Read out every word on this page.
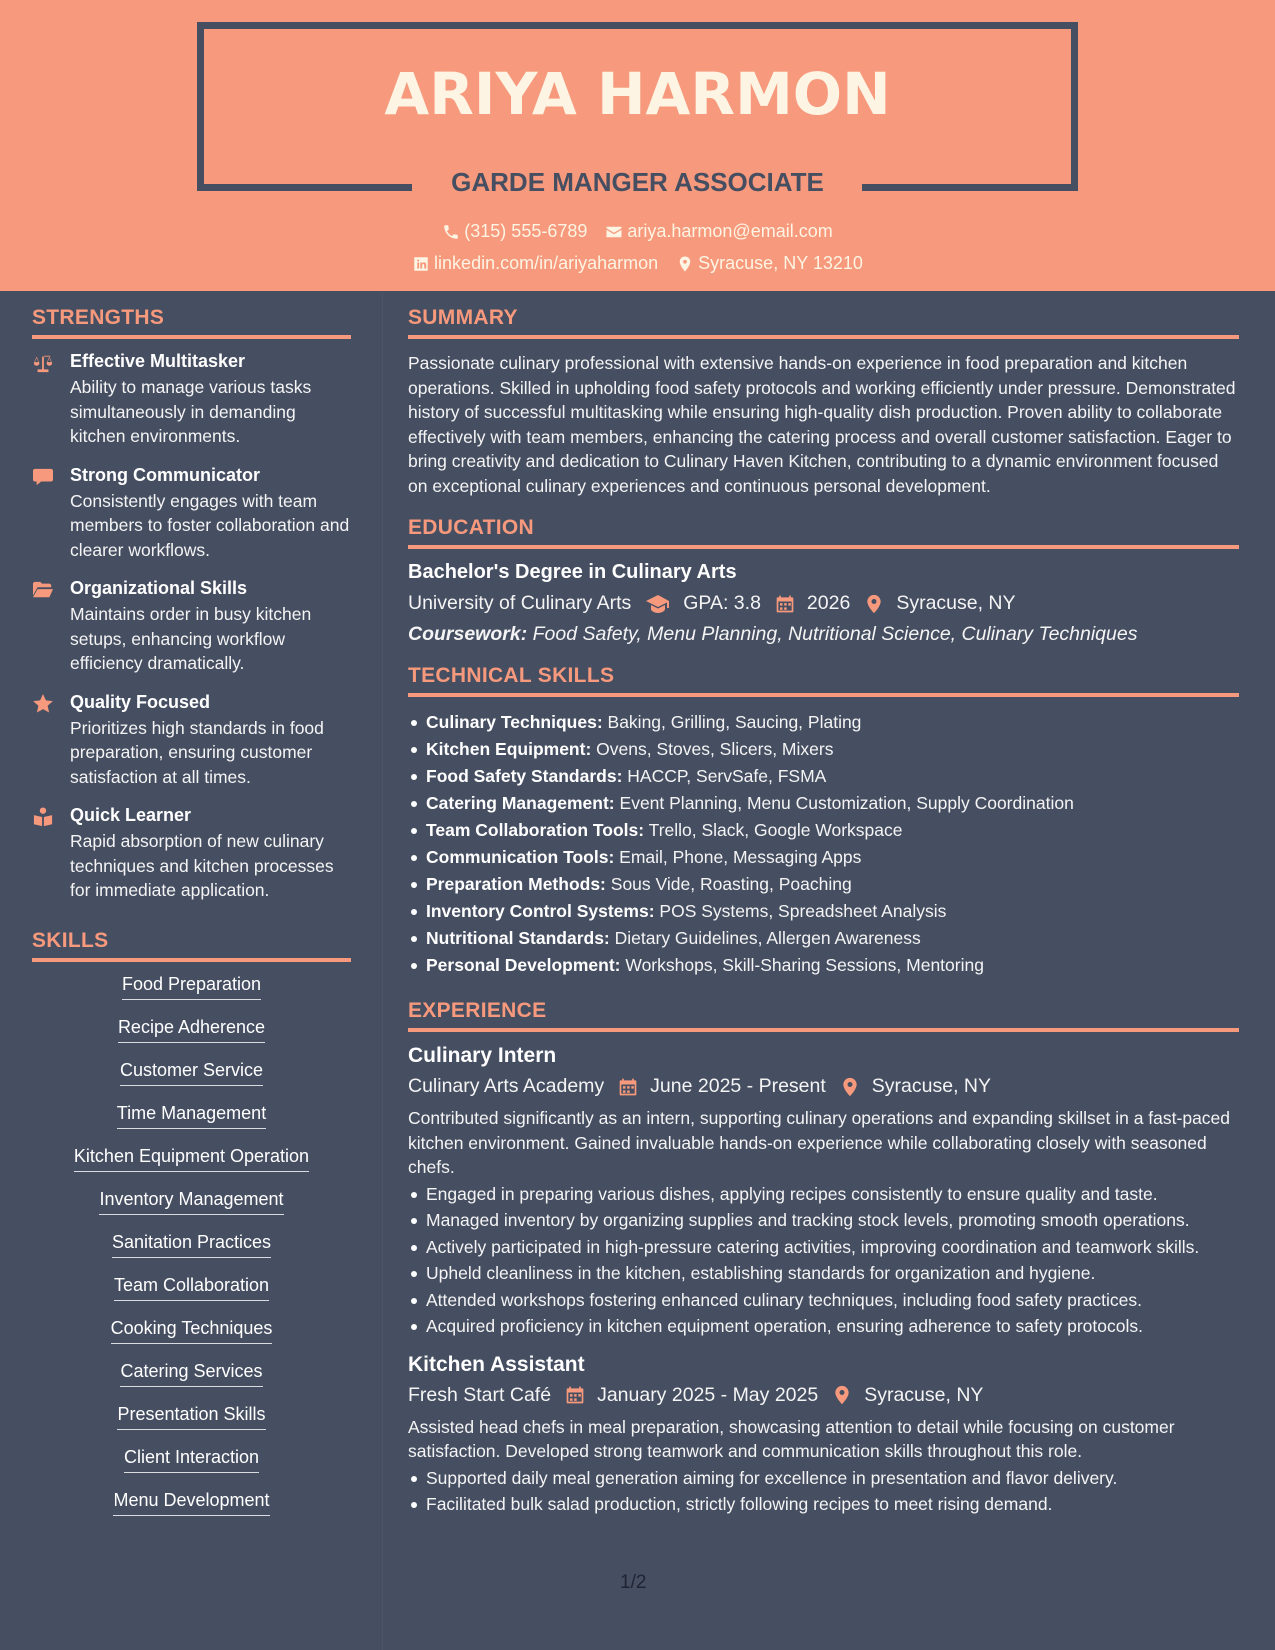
ARIYA HARMON
GARDE MANGER ASSOCIATE
(315) 555-6789 ariya.harmon@email.com
linkedin.com/in/ariyaharmon Syracuse, NY 13210
STRENGTHS
Effective Multitasker
Ability to manage various tasks simultaneously in demanding kitchen environments.
Strong Communicator
Consistently engages with team members to foster collaboration and clearer workflows.
Organizational Skills
Maintains order in busy kitchen setups, enhancing workflow efficiency dramatically.
Quality Focused
Prioritizes high standards in food preparation, ensuring customer satisfaction at all times.
Quick Learner
Rapid absorption of new culinary techniques and kitchen processes for immediate application.
SKILLS
Food Preparation
Recipe Adherence
Customer Service
Time Management
Kitchen Equipment Operation
Inventory Management
Sanitation Practices
Team Collaboration
Cooking Techniques
Catering Services
Presentation Skills
Client Interaction
Menu Development
SUMMARY
Passionate culinary professional with extensive hands-on experience in food preparation and kitchen operations. Skilled in upholding food safety protocols and working efficiently under pressure. Demonstrated history of successful multitasking while ensuring high-quality dish production. Proven ability to collaborate effectively with team members, enhancing the catering process and overall customer satisfaction. Eager to bring creativity and dedication to Culinary Haven Kitchen, contributing to a dynamic environment focused on exceptional culinary experiences and continuous personal development.
EDUCATION
Bachelor's Degree in Culinary Arts
University of Culinary Arts	GPA: 3.8 2026 Syracuse, NY
Coursework: Food Safety, Menu Planning, Nutritional Science, Culinary Techniques
TECHNICAL SKILLS
Culinary Techniques: Baking, Grilling, Saucing, Plating
Kitchen Equipment: Ovens, Stoves, Slicers, Mixers
Food Safety Standards: HACCP, ServSafe, FSMA
Catering Management: Event Planning, Menu Customization, Supply Coordination
Team Collaboration Tools: Trello, Slack, Google Workspace
Communication Tools: Email, Phone, Messaging Apps
Preparation Methods: Sous Vide, Roasting, Poaching
Inventory Control Systems: POS Systems, Spreadsheet Analysis
Nutritional Standards: Dietary Guidelines, Allergen Awareness
Personal Development: Workshops, Skill-Sharing Sessions, Mentoring
EXPERIENCE
Culinary Intern
Culinary Arts Academy June 2025 - Present Syracuse, NY
Contributed significantly as an intern, supporting culinary operations and expanding skillset in a fast-paced kitchen environment. Gained invaluable hands-on experience while collaborating closely with seasoned chefs.
Engaged in preparing various dishes, applying recipes consistently to ensure quality and taste.
Managed inventory by organizing supplies and tracking stock levels, promoting smooth operations.
Actively participated in high-pressure catering activities, improving coordination and teamwork skills.
Upheld cleanliness in the kitchen, establishing standards for organization and hygiene.
Attended workshops fostering enhanced culinary techniques, including food safety practices.
Acquired proficiency in kitchen equipment operation, ensuring adherence to safety protocols.
Kitchen Assistant
Fresh Start Café January 2025 - May 2025 Syracuse, NY
Assisted head chefs in meal preparation, showcasing attention to detail while focusing on customer satisfaction. Developed strong teamwork and communication skills throughout this role.
Supported daily meal generation aiming for excellence in presentation and flavor delivery.
Facilitated bulk salad production, strictly following recipes to meet rising demand.
1/2
